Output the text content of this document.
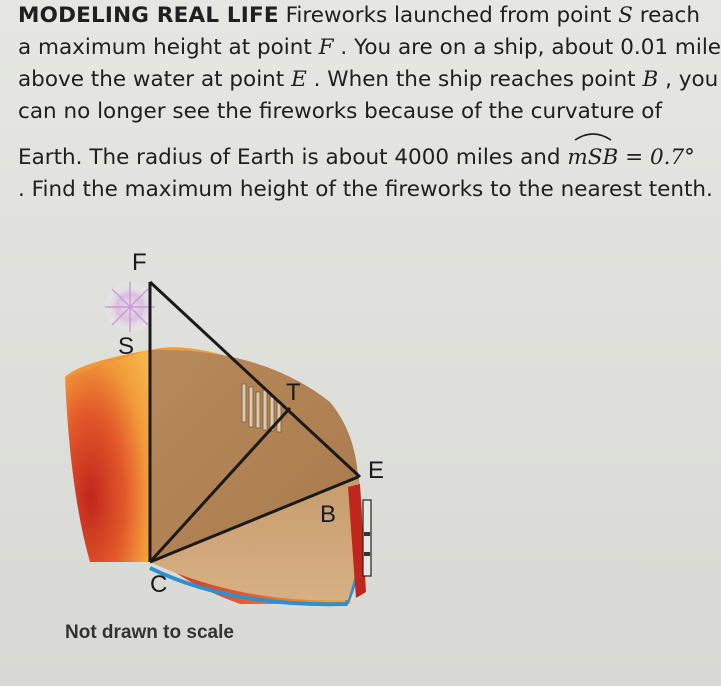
MODELING REAL LIFE Fireworks launched from point S reach
a maximum height at point F . You are on a ship, about 0.01 mile
above the water at point E . When the ship reaches point B , you
can no longer see the fireworks because of the curvature of
Earth. The radius of Earth is about 4000 miles and mSB = 0.7°
. Find the maximum height of the fireworks to the nearest tenth.
F
S
T
E
B
C
Not drawn to scale
